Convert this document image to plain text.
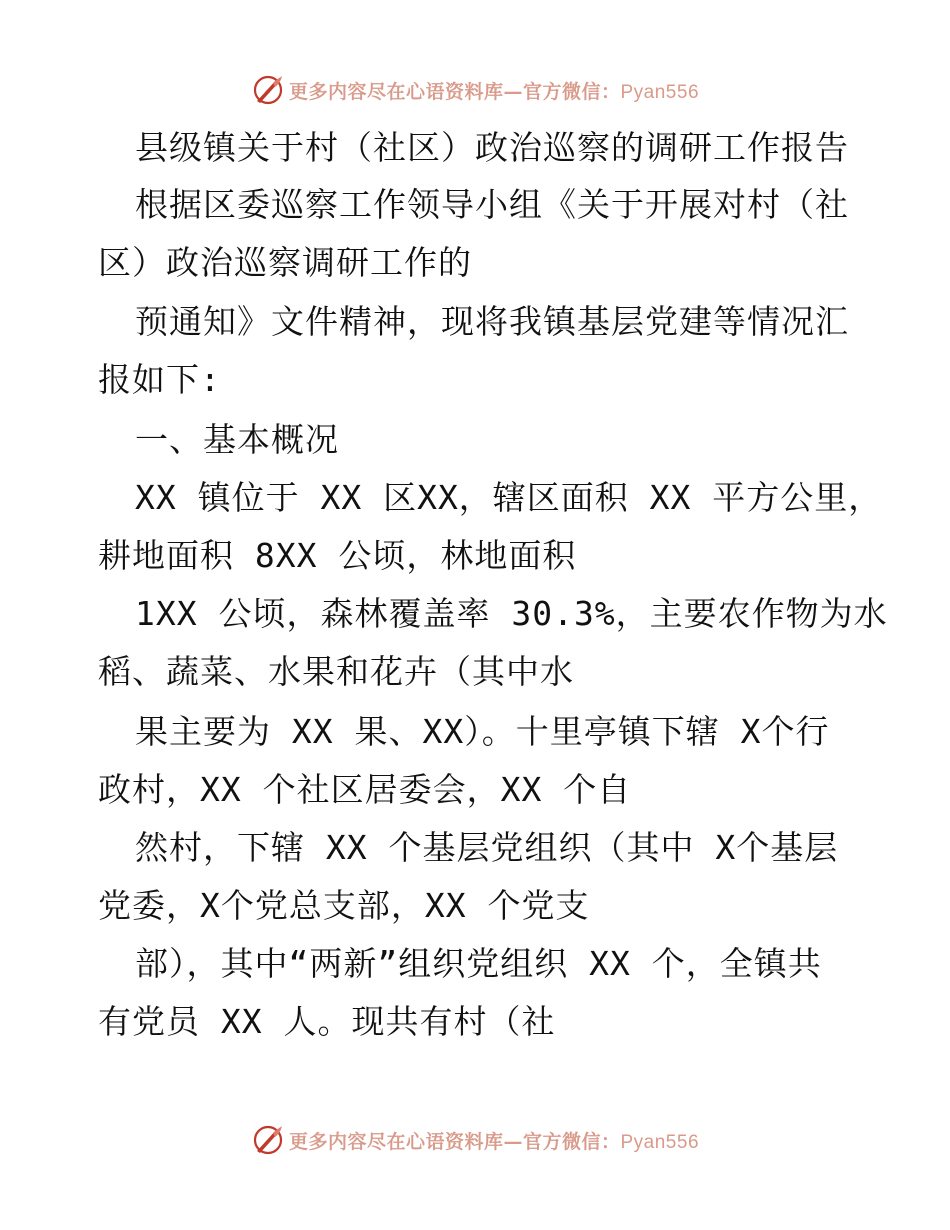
更多内容尽在心语资料库—官方微信：Pyan556
县级镇关于村（社区）政治巡察的调研工作报告
根据区委巡察工作领导小组《关于开展对村（社
区）政治巡察调研工作的
预通知》文件精神，现将我镇基层党建等情况汇
报如下:
一、基本概况
XX 镇位于 XX 区XX，辖区面积 XX 平方公里，
耕地面积 8XX 公顷，林地面积
1XX 公顷，森林覆盖率 30.3%，主要农作物为水
稻、蔬菜、水果和花卉（其中水
果主要为 XX 果、XX）。十里亭镇下辖 X个行
政村，XX 个社区居委会，XX 个自
然村，下辖 XX 个基层党组织（其中 X个基层
党委，X个党总支部，XX 个党支
部），其中“两新”组织党组织 XX 个，全镇共
有党员 XX 人。现共有村（社
更多内容尽在心语资料库—官方微信：Pyan556
